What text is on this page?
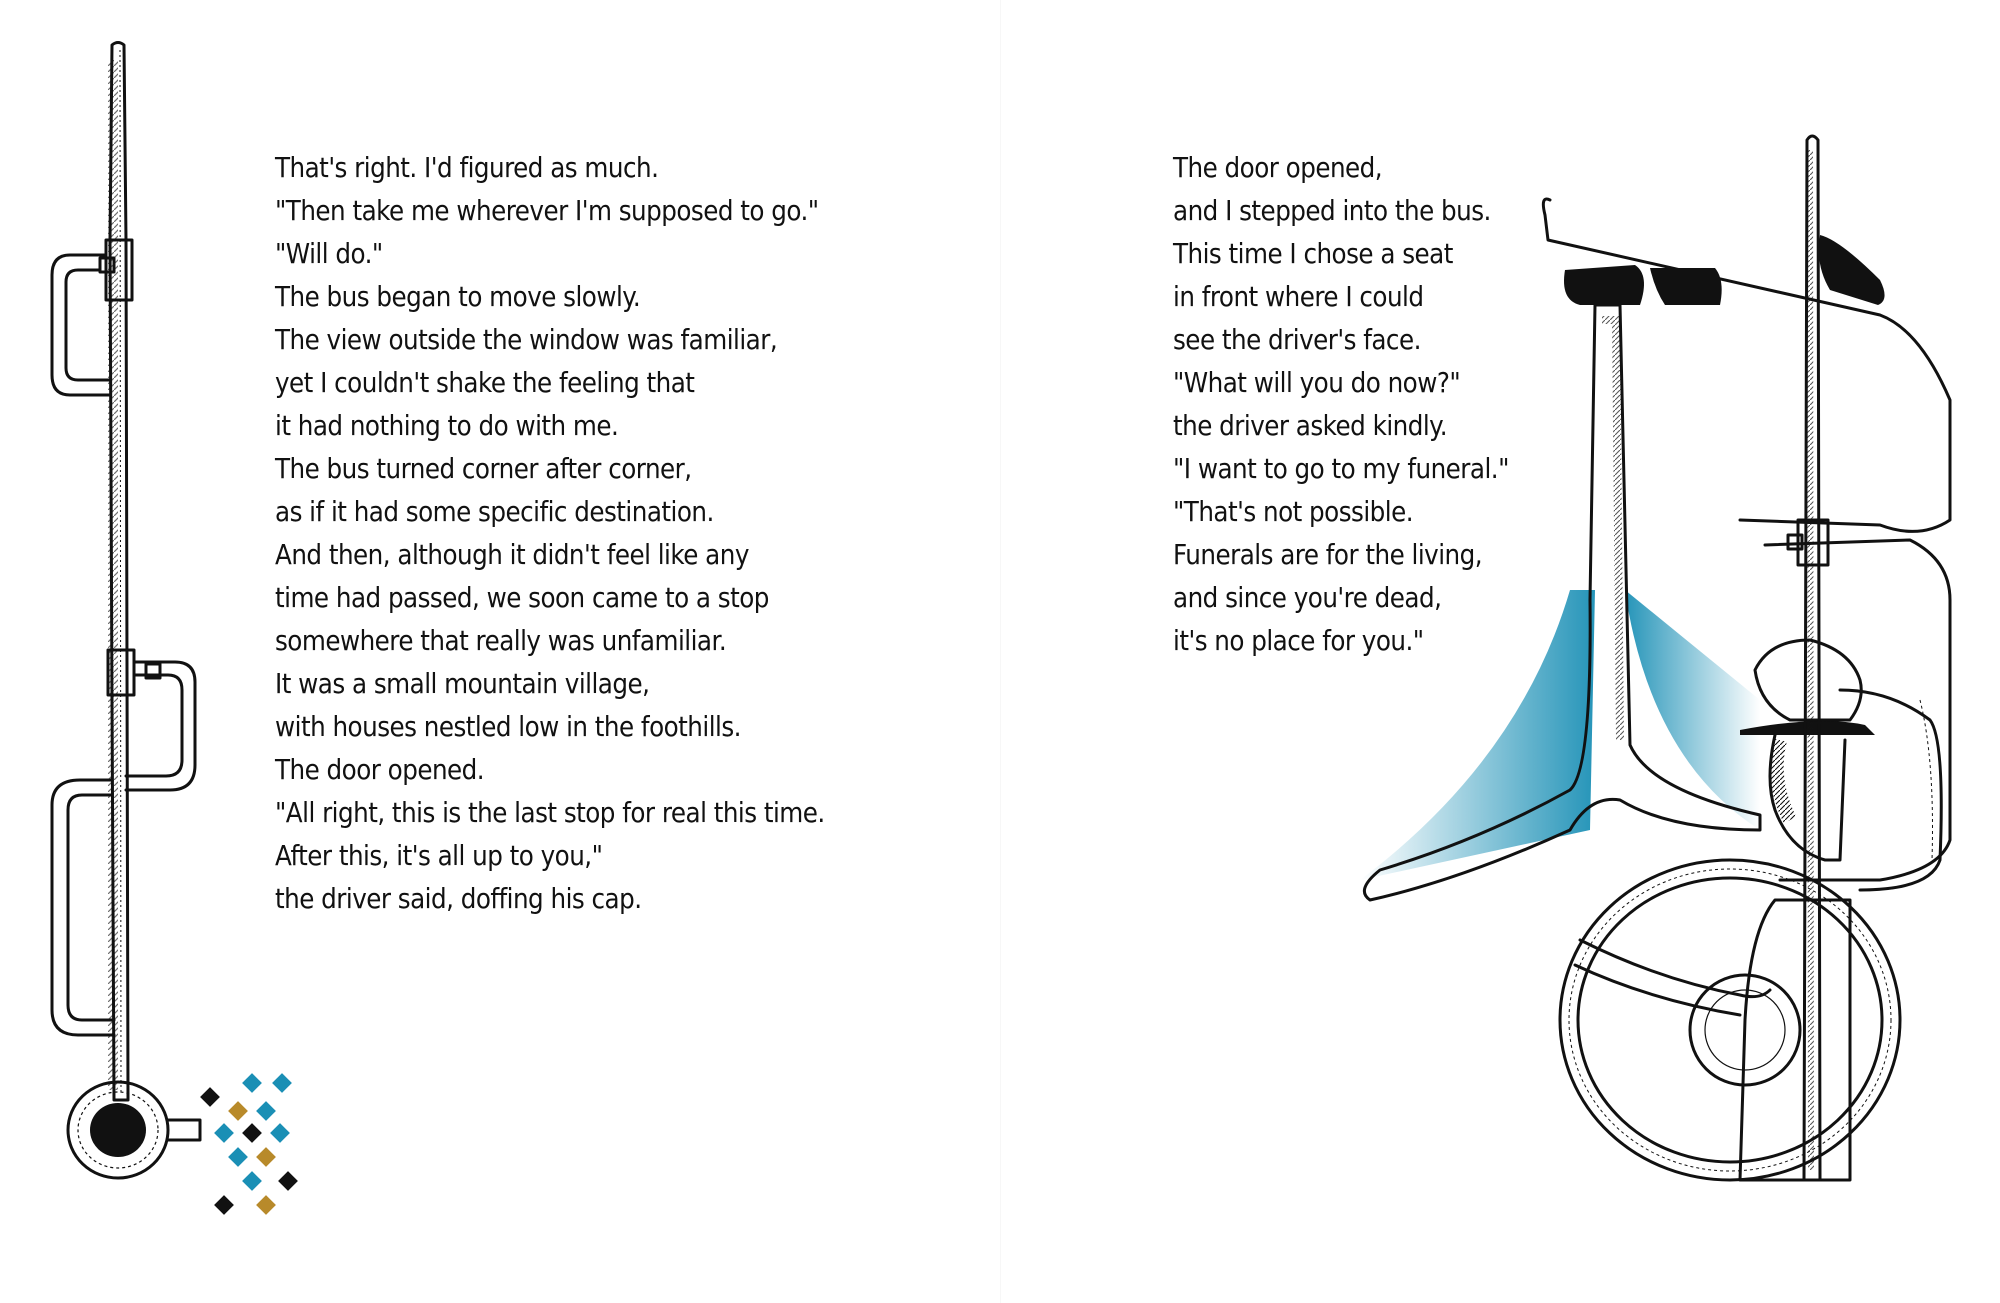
That's right. I'd figured as much.
"Then take me wherever I'm supposed to go."
"Will do."
The bus began to move slowly.
The view outside the window was familiar,
yet I couldn't shake the feeling that
it had nothing to do with me.
The bus turned corner after corner,
as if it had some specific destination.
And then, although it didn't feel like any
time had passed, we soon came to a stop
somewhere that really was unfamiliar.
It was a small mountain village,
with houses nestled low in the foothills.
The door opened.
"All right, this is the last stop for real this time.
After this, it's all up to you,"
the driver said, doffing his cap.
The door opened,
and I stepped into the bus.
This time I chose a seat
in front where I could
see the driver's face.
"What will you do now?"
the driver asked kindly.
"I want to go to my funeral."
"That's not possible.
Funerals are for the living,
and since you're dead,
it's no place for you."
